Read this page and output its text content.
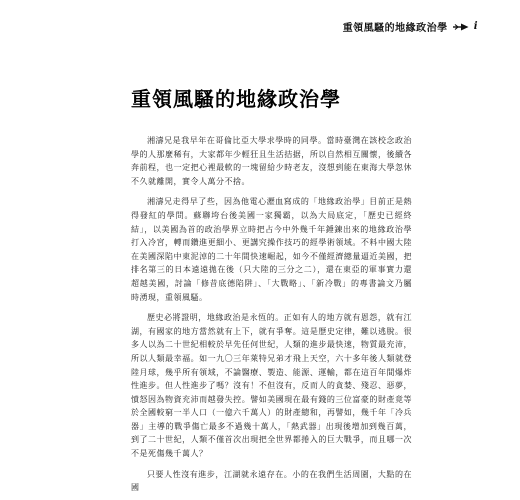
重領風騷的地緣政治學	i
重領風騷的地緣政治學

湘濤兄是我早年在哥倫比亞大學求學時的同學。當時臺灣在該校念政治學的人那麼稀有，大家都年少輕狂且生活拮据，所以自然相互關懷，後續各奔前程，也一定把心裡最軟的一塊留給少時老友，沒想到能在東海大學忽休不久就離開，實令人萬分不捨。

湘濤兄走得早了些，因為他電心瀝血寫成的「地緣政治學」目前正是熱得發紅的學問。蘇聯垮台後美國一家獨霸，以為大局底定，「歷史已經終結」，以美國為首的政治學界立時把占今中外幾千年錘錬出來的地緣政治學打入冷宮，轉而鑽進更細小、更講究操作技巧的經學術領域。不料中國大陸在美國深陷中東泥淖的二十年間快速崛起，如今不僅經濟總量逼近美國，把排名第三的日本遠遠拋在後（只大陸的三分之二），還在東亞的軍事實力還超越美國，討論「修昔底德陷阱」、「大戰略」、「新冷戰」的專書論文乃屬時湧現，重領風騷。

歷史必將證明，地緣政治是永恆的。正如有人的地方就有恩怨，就有江湖，有國家的地方當然就有上下，就有爭奪。這是歷史定律，難以逃脫。很多人以為二十世紀相較於早先任何世紀，人類的進步最快速，物質最充沛，所以人類最幸福。如一九〇三年萊特兄弟才飛上天空，六十多年後人類就登陸月球，幾乎所有領域，不論醫療、製造、能源、運輸，都在這百年間爆炸性進步。但人性進步了嗎？沒有！不但沒有，反而人的貪婪、殘忍、惡夢，憤怒因為物資充沛而越發失控。譬如美國現在最有錢的三位富豪的財產竟等於全國較窮一半人口（一億六千萬人）的財產總和，再譬如，幾千年「冷兵器」主導的戰爭傷亡最多不過幾十萬人，「熱武器」出現後增加到幾百萬，到了二十世紀，人類不僅首次出現把全世界都捲入的巨大戰爭，而且哪一次不是死傷幾千萬人？

只要人性沒有進步，江湖就永遠存在。小的在我們生活周圍，大點的在國
